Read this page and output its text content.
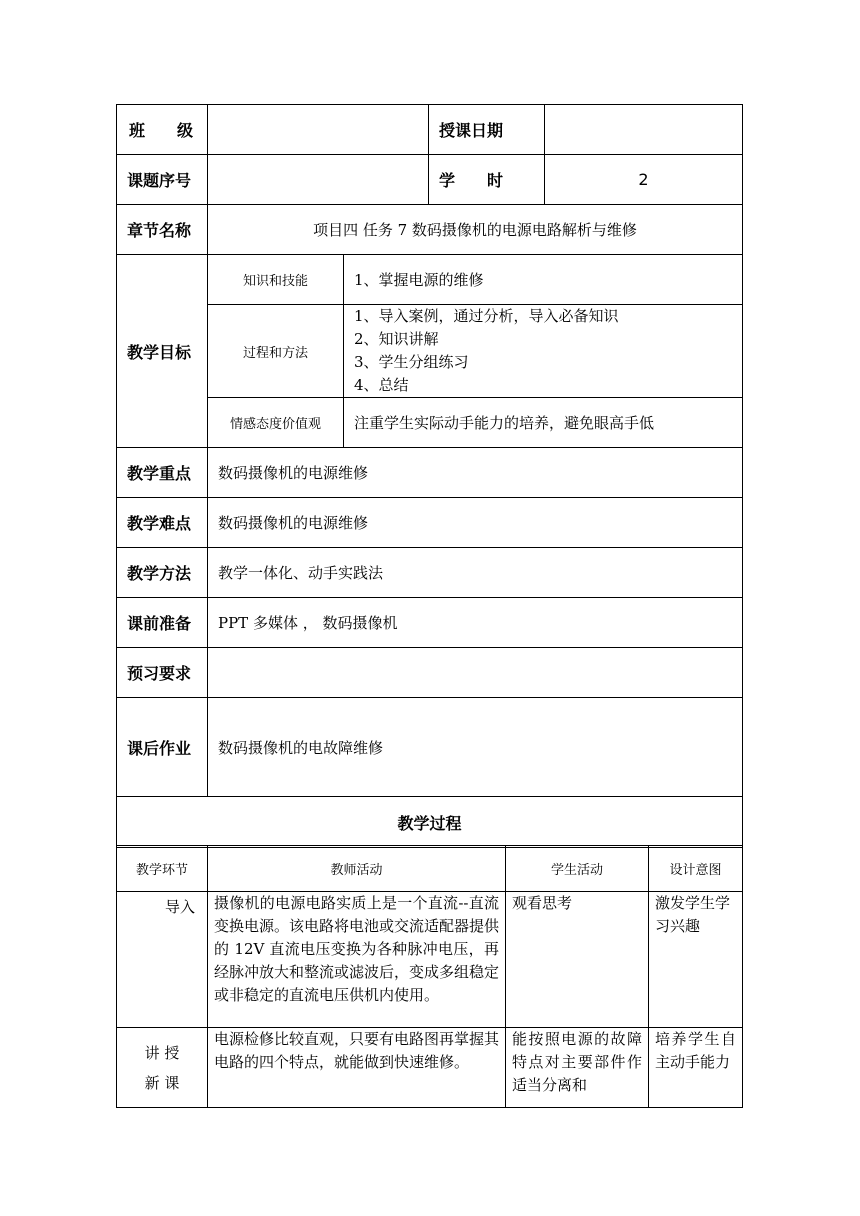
班　　级			授课日期	
课题序号			学　　时	2
章节名称	项目四 任务 7 数码摄像机的电源电路解析与维修			
教学目标	知识和技能	1、掌握电源的维修		
	过程和方法	1、导入案例，通过分析，导入必备知识
2、知识讲解
3、学生分组练习
4、总结		

	情感态度价值观	注重学生实际动手能力的培养，避免眼高手低		
教学重点	数码摄像机的电源维修			
教学难点	数码摄像机的电源维修			
教学方法	教学一体化、动手实践法			
课前准备	PPT 多媒体 ， 数码摄像机			
预习要求				
课后作业	数码摄像机的电故障维修			
教学过程				
教学环节	教师活动	学生活动	设计意图
导入	摄像机的电源电路实质上是一个直流--直流变换电源。该电路将电池或交流适配器提供的 12V 直流电压变换为各种脉冲电压，再经脉冲放大和整流或滤波后，变成多组稳定或非稳定的直流电压供机内使用。	观看思考	激发学生学习兴趣

讲 授
新 课	电源检修比较直观，只要有电路图再掌握其电路的四个特点，就能做到快速维修。	能按照电源的故障特点对主要部件作适当分离和	培养学生自主动手能力
